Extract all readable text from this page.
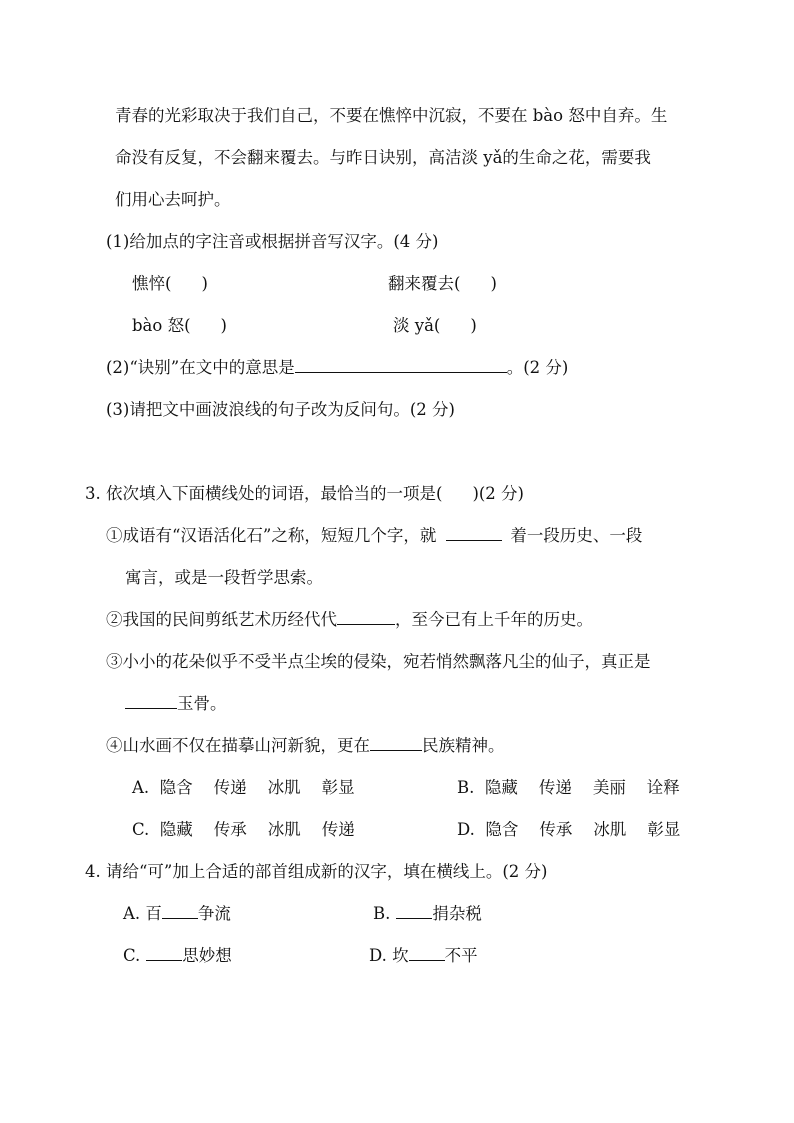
青春的光彩取决于我们自己，不要在憔悴中沉寂，不要在 bào 怒中自弃。生
命没有反复，不会翻来覆去。与昨日诀别，高洁淡 yǎ的生命之花，需要我
们用心去呵护。
(1)给加点的字注音或根据拼音写汉字。(4 分)
憔悴( )	翻来覆去( )
bào 怒( )	淡 yǎ( )
(2)“诀别”在文中的意思是	。(2 分)
(3)请把文中画波浪线的句子改为反问句。(2 分)
3. 依次填入下面横线处的词语，最恰当的一项是( )(2 分)
①成语有“汉语活化石”之称，短短几个字，就	着一段历史、一段
寓言，或是一段哲学思索。
②我国的民间剪纸艺术历经代代	，至今已有上千年的历史。
③小小的花朵似乎不受半点尘埃的侵染，宛若悄然飘落凡尘的仙子，真正是
玉骨。
④山水画不仅在描摹山河新貌，更在	民族精神。
A.  隐含    传递    冰肌    彰显	B.  隐藏    传递    美丽    诠释
C.  隐藏    传承    冰肌    传递	D.  隐含    传承    冰肌    彰显
4. 请给“可”加上合适的部首组成新的汉字，填在横线上。(2 分)
A. 百 争流	B.	捐杂税
C.	思妙想	D. 坎 不平
